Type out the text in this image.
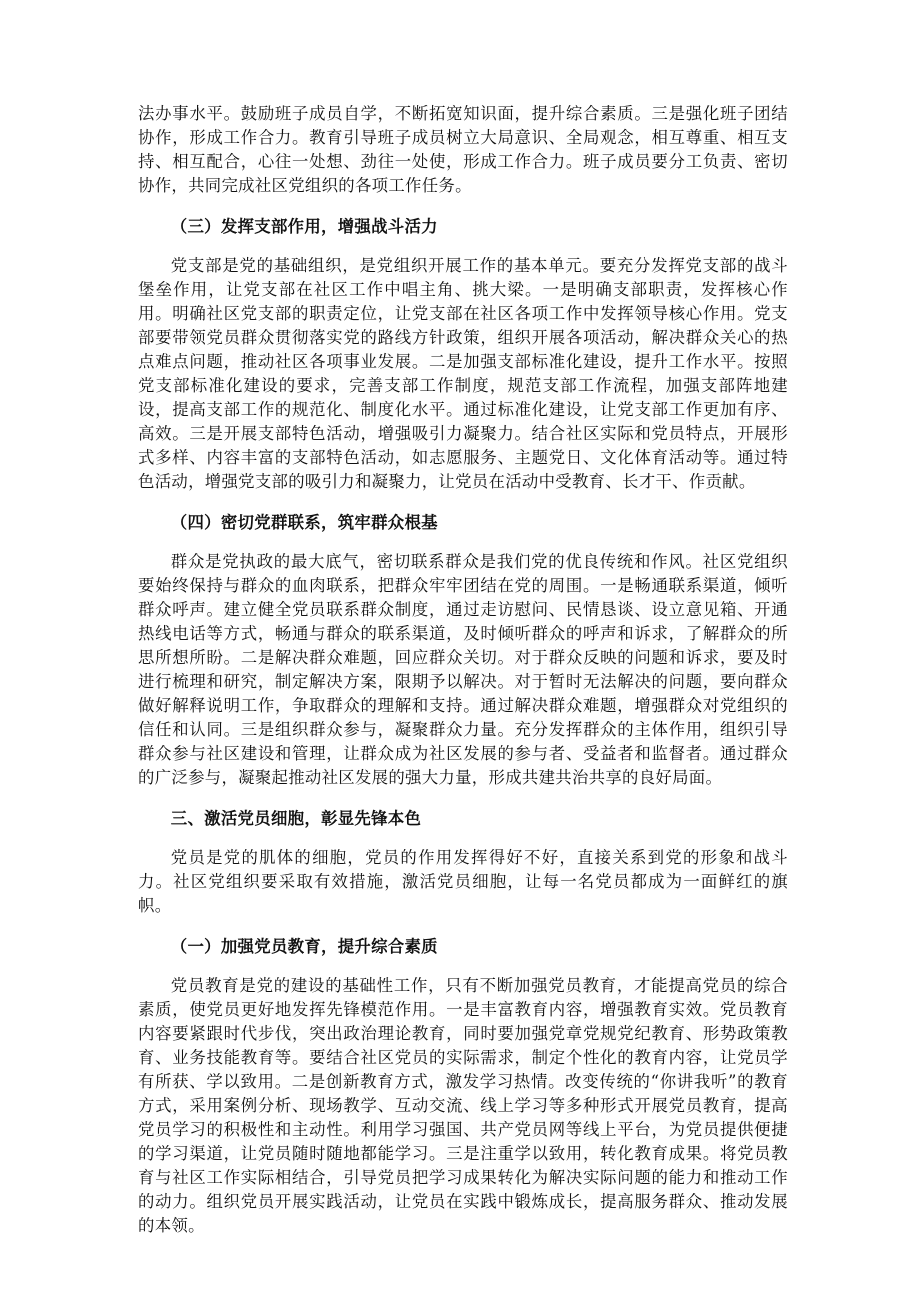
法办事水平。鼓励班子成员自学，不断拓宽知识面，提升综合素质。三是强化班子团结协作，形成工作合力。教育引导班子成员树立大局意识、全局观念，相互尊重、相互支持、相互配合，心往一处想、劲往一处使，形成工作合力。班子成员要分工负责、密切协作，共同完成社区党组织的各项工作任务。

（三）发挥支部作用，增强战斗活力

党支部是党的基础组织，是党组织开展工作的基本单元。要充分发挥党支部的战斗堡垒作用，让党支部在社区工作中唱主角、挑大梁。一是明确支部职责，发挥核心作用。明确社区党支部的职责定位，让党支部在社区各项工作中发挥领导核心作用。党支部要带领党员群众贯彻落实党的路线方针政策，组织开展各项活动，解决群众关心的热点难点问题，推动社区各项事业发展。二是加强支部标准化建设，提升工作水平。按照党支部标准化建设的要求，完善支部工作制度，规范支部工作流程，加强支部阵地建设，提高支部工作的规范化、制度化水平。通过标准化建设，让党支部工作更加有序、高效。三是开展支部特色活动，增强吸引力凝聚力。结合社区实际和党员特点，开展形式多样、内容丰富的支部特色活动，如志愿服务、主题党日、文化体育活动等。通过特色活动，增强党支部的吸引力和凝聚力，让党员在活动中受教育、长才干、作贡献。

（四）密切党群联系，筑牢群众根基

群众是党执政的最大底气，密切联系群众是我们党的优良传统和作风。社区党组织要始终保持与群众的血肉联系，把群众牢牢团结在党的周围。一是畅通联系渠道，倾听群众呼声。建立健全党员联系群众制度，通过走访慰问、民情恳谈、设立意见箱、开通热线电话等方式，畅通与群众的联系渠道，及时倾听群众的呼声和诉求，了解群众的所思所想所盼。二是解决群众难题，回应群众关切。对于群众反映的问题和诉求，要及时进行梳理和研究，制定解决方案，限期予以解决。对于暂时无法解决的问题，要向群众做好解释说明工作，争取群众的理解和支持。通过解决群众难题，增强群众对党组织的信任和认同。三是组织群众参与，凝聚群众力量。充分发挥群众的主体作用，组织引导群众参与社区建设和管理，让群众成为社区发展的参与者、受益者和监督者。通过群众的广泛参与，凝聚起推动社区发展的强大力量，形成共建共治共享的良好局面。

三、激活党员细胞，彰显先锋本色

党员是党的肌体的细胞，党员的作用发挥得好不好，直接关系到党的形象和战斗力。社区党组织要采取有效措施，激活党员细胞，让每一名党员都成为一面鲜红的旗帜。

（一）加强党员教育，提升综合素质

党员教育是党的建设的基础性工作，只有不断加强党员教育，才能提高党员的综合素质，使党员更好地发挥先锋模范作用。一是丰富教育内容，增强教育实效。党员教育内容要紧跟时代步伐，突出政治理论教育，同时要加强党章党规党纪教育、形势政策教育、业务技能教育等。要结合社区党员的实际需求，制定个性化的教育内容，让党员学有所获、学以致用。二是创新教育方式，激发学习热情。改变传统的“你讲我听”的教育方式，采用案例分析、现场教学、互动交流、线上学习等多种形式开展党员教育，提高党员学习的积极性和主动性。利用学习强国、共产党员网等线上平台，为党员提供便捷的学习渠道，让党员随时随地都能学习。三是注重学以致用，转化教育成果。将党员教育与社区工作实际相结合，引导党员把学习成果转化为解决实际问题的能力和推动工作的动力。组织党员开展实践活动，让党员在实践中锻炼成长，提高服务群众、推动发展的本领。
